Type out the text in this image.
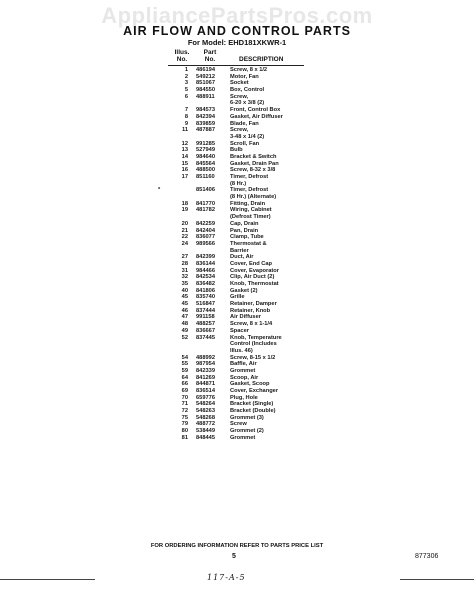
AppliancePartsPros.com
AIR FLOW AND CONTROL PARTS
For Model: EHD181XKWR-1
Illus.
No.
Part
No.	DESCRIPTION
1 486194	Screw, 8 x 1/2
2 549212	Motor, Fan
3 851067	Socket
5 984550	Box, Control
6 488911	Screw,
6-20 x 3/8 (2)
7 984573	Front, Control Box
8 842394	Gasket, Air Diffuser
9 839859	Blade, Fan
11 487887	Screw,
3-48 x 1/4 (2)
12 991285	Scroll, Fan
13 527949	Bulb
14 984640	Bracket & Switch
15 845564	Gasket, Drain Pan
16 488500	Screw, 8-32 x 3/8
17 851160	Timer, Defrost
(8 Hr.)
*	851406	Timer, Defrost
(8 Hr.) (Alternate)
18 841770	Fitting, Drain
19 481782	Wiring, Cabinet
(Defrost Timer)
20 842259	Cap, Drain
21 842404	Pan, Drain
22 836077	Clamp, Tube
24 989566	Thermostat &
Barrier
27 842399	Duct, Air
28 836144	Cover, End Cap
31 984466	Cover, Evaporator
32 842534	Clip, Air Duct (2)
35 836482	Knob, Thermostat
40 841806	Gasket (2)
45 835740	Grille
45 516847	Retainer, Damper
46 837444	Retainer, Knob
47 991158	Air Diffuser
48 488257	Screw, 8 x 1-1/4
49 836667	Spacer
52 837445	Knob, Temperature
Control (Includes
Illus. 46)
54 488992	Screw, 8-15 x 1/2
55 987954	Baffle, Air
59 842339	Grommet
64 841269	Scoop, Air
66 844871	Gasket, Scoop
69 836514	Cover, Exchanger
70 659776	Plug, Hole
71 548264	Bracket (Single)
72 548263	Bracket (Double)
75 548268	Grommet (3)
79 488772	Screw
80 538449	Grommet (2)
81 848445	Grommet
FOR ORDERING INFORMATION REFER TO PARTS PRICE LIST
5	877306
117-A-5
